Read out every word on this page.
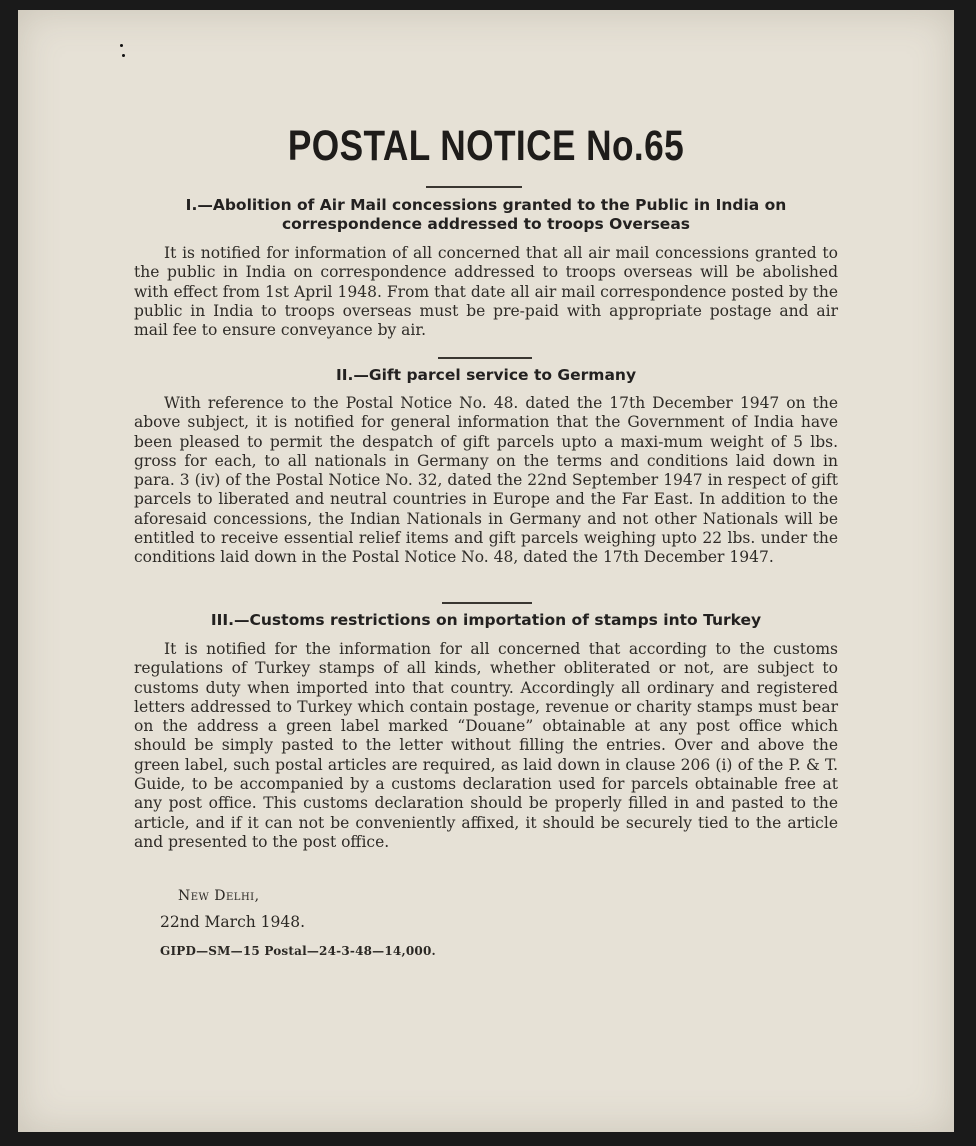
POSTAL NOTICE No.65
I.—Abolition of Air Mail concessions granted to the Public in India on
correspondence addressed to troops Overseas

It is notified for information of all concerned that all air mail concessions granted to the public in India on correspondence addressed to troops overseas will be abolished with effect from 1st April 1948. From that date all air mail correspondence posted by the public in India to troops overseas must be pre-paid with appropriate postage and air mail fee to ensure conveyance by air.

II.—Gift parcel service to Germany

With reference to the Postal Notice No. 48. dated the 17th December 1947 on the above subject, it is notified for general information that the Government of India have been pleased to permit the despatch of gift parcels upto a maxi-mum weight of 5 lbs. gross for each, to all nationals in Germany on the terms and conditions laid down in para. 3 (iv) of the Postal Notice No. 32, dated the 22nd September 1947 in respect of gift parcels to liberated and neutral countries in Europe and the Far East. In addition to the aforesaid concessions, the Indian Nationals in Germany and not other Nationals will be entitled to receive essential relief items and gift parcels weighing upto 22 lbs. under the conditions laid down in the Postal Notice No. 48, dated the 17th December 1947.

III.—Customs restrictions on importation of stamps into Turkey

It is notified for the information for all concerned that according to the customs regulations of Turkey stamps of all kinds, whether obliterated or not, are subject to customs duty when imported into that country. Accordingly all ordinary and registered letters addressed to Turkey which contain postage, revenue or charity stamps must bear on the address a green label marked “Douane” obtainable at any post office which should be simply pasted to the letter without filling the entries. Over and above the green label, such postal articles are required, as laid down in clause 206 (i) of the P. & T. Guide, to be accompanied by a customs declaration used for parcels obtainable free at any post office. This customs declaration should be properly filled in and pasted to the article, and if it can not be conveniently affixed, it should be securely tied to the article and presented to the post office.

New Delhi,
22nd March 1948.
GIPD—SM—15 Postal—24-3-48—14,000.
